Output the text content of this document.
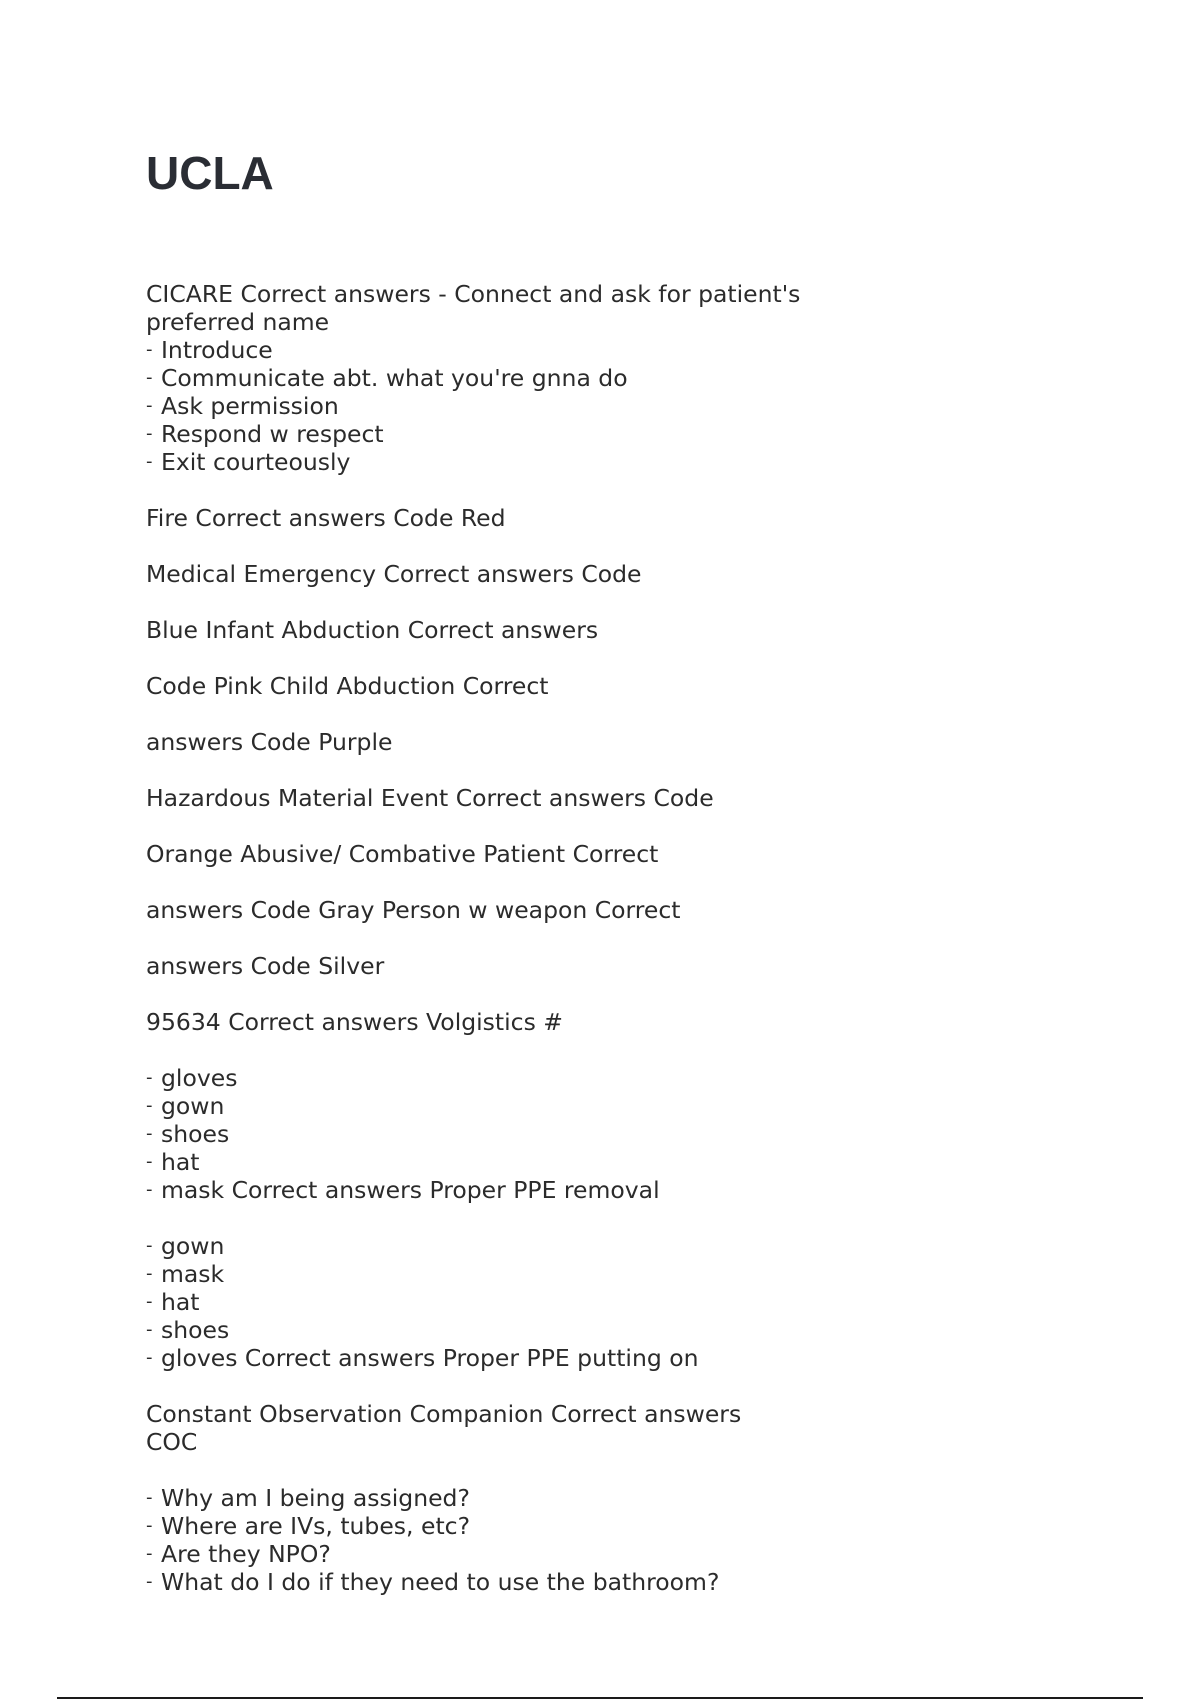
UCLA
CICARE Correct answers - Connect and ask for patient's
preferred name
- Introduce
- Communicate abt. what you're gnna do
- Ask permission
- Respond w respect
- Exit courteously
Fire Correct answers Code Red
Medical Emergency Correct answers Code
Blue Infant Abduction Correct answers
Code Pink Child Abduction Correct
answers Code Purple
Hazardous Material Event Correct answers Code
Orange Abusive/ Combative Patient Correct
answers Code Gray Person w weapon Correct
answers Code Silver
95634 Correct answers Volgistics #
- gloves
- gown
- shoes
- hat
- mask Correct answers Proper PPE removal
- gown
- mask
- hat
- shoes
- gloves Correct answers Proper PPE putting on
Constant Observation Companion Correct answers
COC
- Why am I being assigned?
- Where are IVs, tubes, etc?
- Are they NPO?
- What do I do if they need to use the bathroom?
